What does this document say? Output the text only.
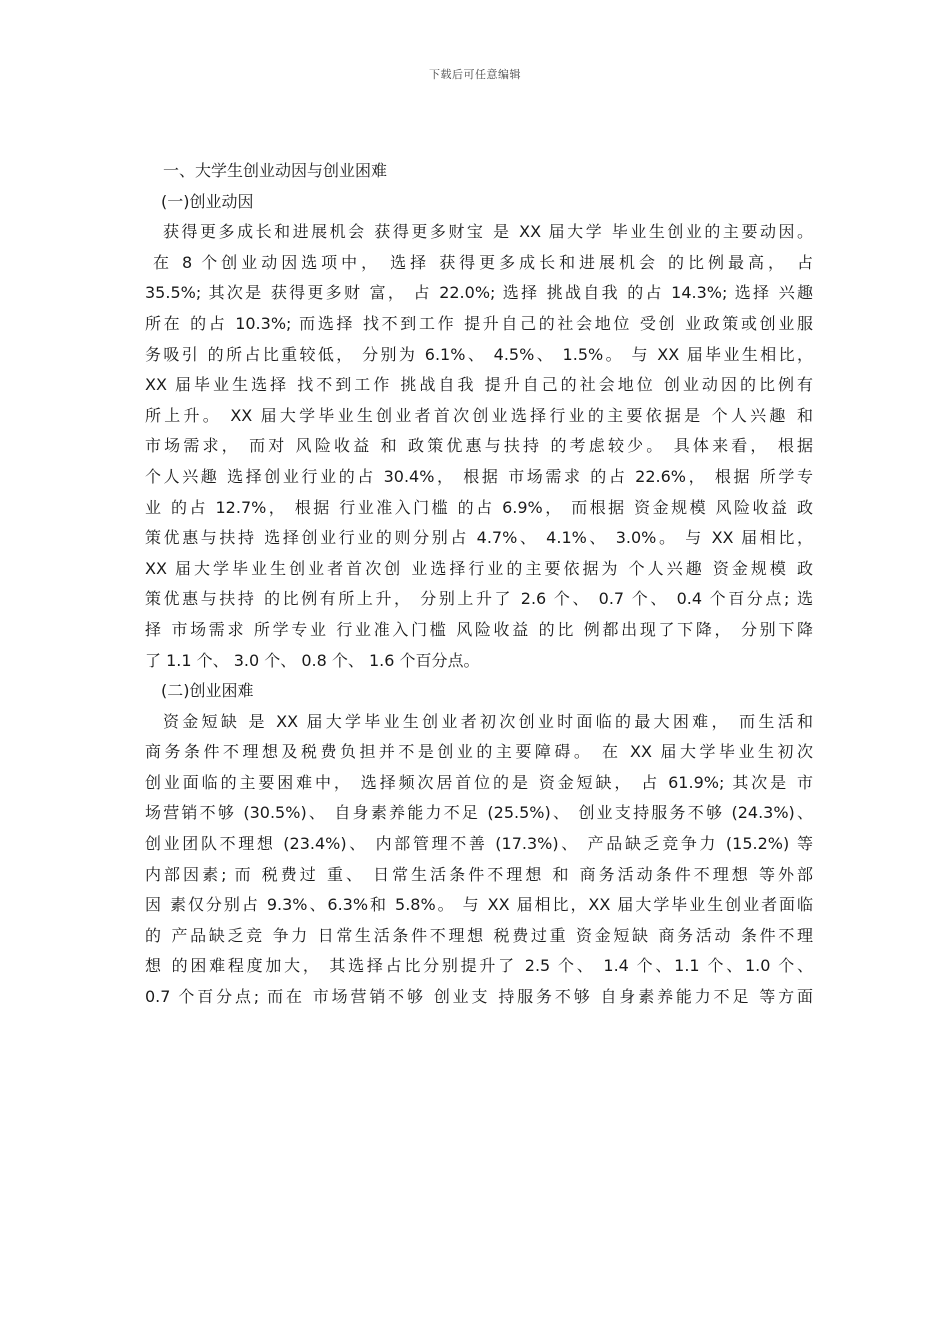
下载后可任意编辑
一、大学生创业动因与创业困难
(一)创业动因
获得更多成长和进展机会 获得更多财宝 是 XX 届大学 毕业生创业的主要动因。
在 8 个创业动因选项中， 选择 获得更多成长和进展机会 的比例最高， 占
35.5%; 其次是 获得更多财 富， 占 22.0%; 选择 挑战自我 的占 14.3%; 选择 兴趣
所在 的占 10.3%; 而选择 找不到工作 提升自己的社会地位 受创 业政策或创业服
务吸引 的所占比重较低， 分别为 6.1%、 4.5%、 1.5%。 与 XX 届毕业生相比，
XX 届毕业生选择 找不到工作 挑战自我 提升自己的社会地位 创业动因的比例有
所上升。 XX 届大学毕业生创业者首次创业选择行业的主要依据是 个人兴趣 和
市场需求， 而对 风险收益 和 政策优惠与扶持 的考虑较少。 具体来看， 根据
个人兴趣 选择创业行业的占 30.4%， 根据 市场需求 的占 22.6%， 根据 所学专
业 的占 12.7%， 根据 行业准入门槛 的占 6.9%， 而根据 资金规模 风险收益 政
策优惠与扶持 选择创业行业的则分别占 4.7%、 4.1%、 3.0%。 与 XX 届相比，
XX 届大学毕业生创业者首次创 业选择行业的主要依据为 个人兴趣 资金规模 政
策优惠与扶持 的比例有所上升， 分别上升了 2.6 个、 0.7 个、 0.4 个百分点; 选
择 市场需求 所学专业 行业准入门槛 风险收益 的比 例都出现了下降， 分别下降
了 1.1 个、 3.0 个、 0.8 个、 1.6 个百分点。
(二)创业困难
资金短缺 是 XX 届大学毕业生创业者初次创业时面临的最大困难， 而生活和
商务条件不理想及税费负担并不是创业的主要障碍。 在 XX 届大学毕业生初次
创业面临的主要困难中， 选择频次居首位的是 资金短缺， 占 61.9%; 其次是 市
场营销不够 (30.5%)、 自身素养能力不足 (25.5%)、 创业支持服务不够 (24.3%)、
创业团队不理想 (23.4%)、 内部管理不善 (17.3%)、 产品缺乏竞争力 (15.2%) 等
内部因素; 而 税费过 重、 日常生活条件不理想 和 商务活动条件不理想 等外部
因 素仅分别占 9.3%、6.3%和 5.8%。 与 XX 届相比，XX 届大学毕业生创业者面临
的 产品缺乏竞 争力 日常生活条件不理想 税费过重 资金短缺 商务活动 条件不理
想 的困难程度加大， 其选择占比分别提升了 2.5 个、 1.4 个、1.1 个、1.0 个、
0.7 个百分点; 而在 市场营销不够 创业支 持服务不够 自身素养能力不足 等方面
